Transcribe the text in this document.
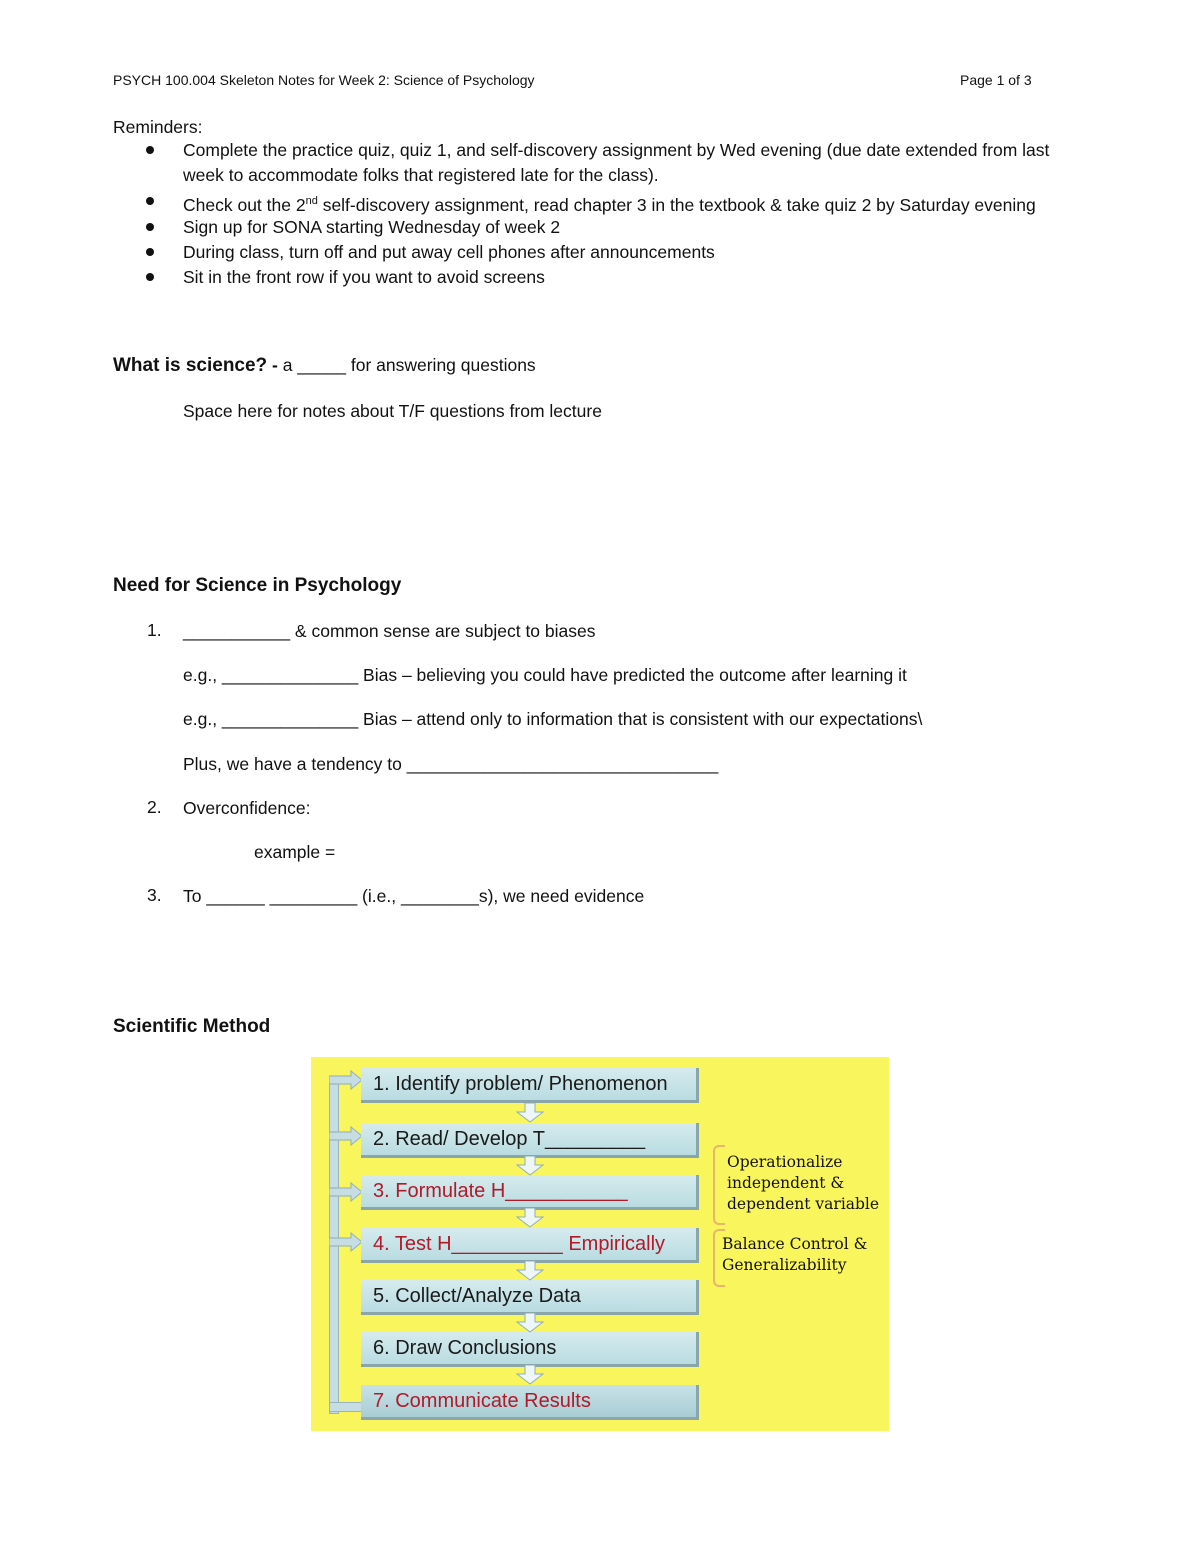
PSYCH 100.004 Skeleton Notes for Week 2: Science of Psychology	Page 1 of 3
Reminders:
Complete the practice quiz, quiz 1, and self-discovery assignment by Wed evening (due date extended from last
week to accommodate folks that registered late for the class).
Check out the 2nd self-discovery assignment, read chapter 3 in the textbook & take quiz 2 by Saturday evening
Sign up for SONA starting Wednesday of week 2
During class, turn off and put away cell phones after announcements
Sit in the front row if you want to avoid screens
What is science? - a _____ for answering questions
Space here for notes about T/F questions from lecture
Need for Science in Psychology
1. ___________ & common sense are subject to biases
e.g., ______________ Bias – believing you could have predicted the outcome after learning it
e.g., ______________ Bias – attend only to information that is consistent with our expectations\
Plus, we have a tendency to ________________________________
2. Overconfidence:
example =
3. To ______ _________ (i.e., ________s), we need evidence
Scientific Method
1. Identify problem/ Phenomenon
2. Read/ Develop T_________
3. Formulate H___________
4. Test H__________ Empirically
5. Collect/Analyze Data
6. Draw Conclusions
7. Communicate Results
Operationalize
independent &
dependent variable
Balance Control &
Generalizability
